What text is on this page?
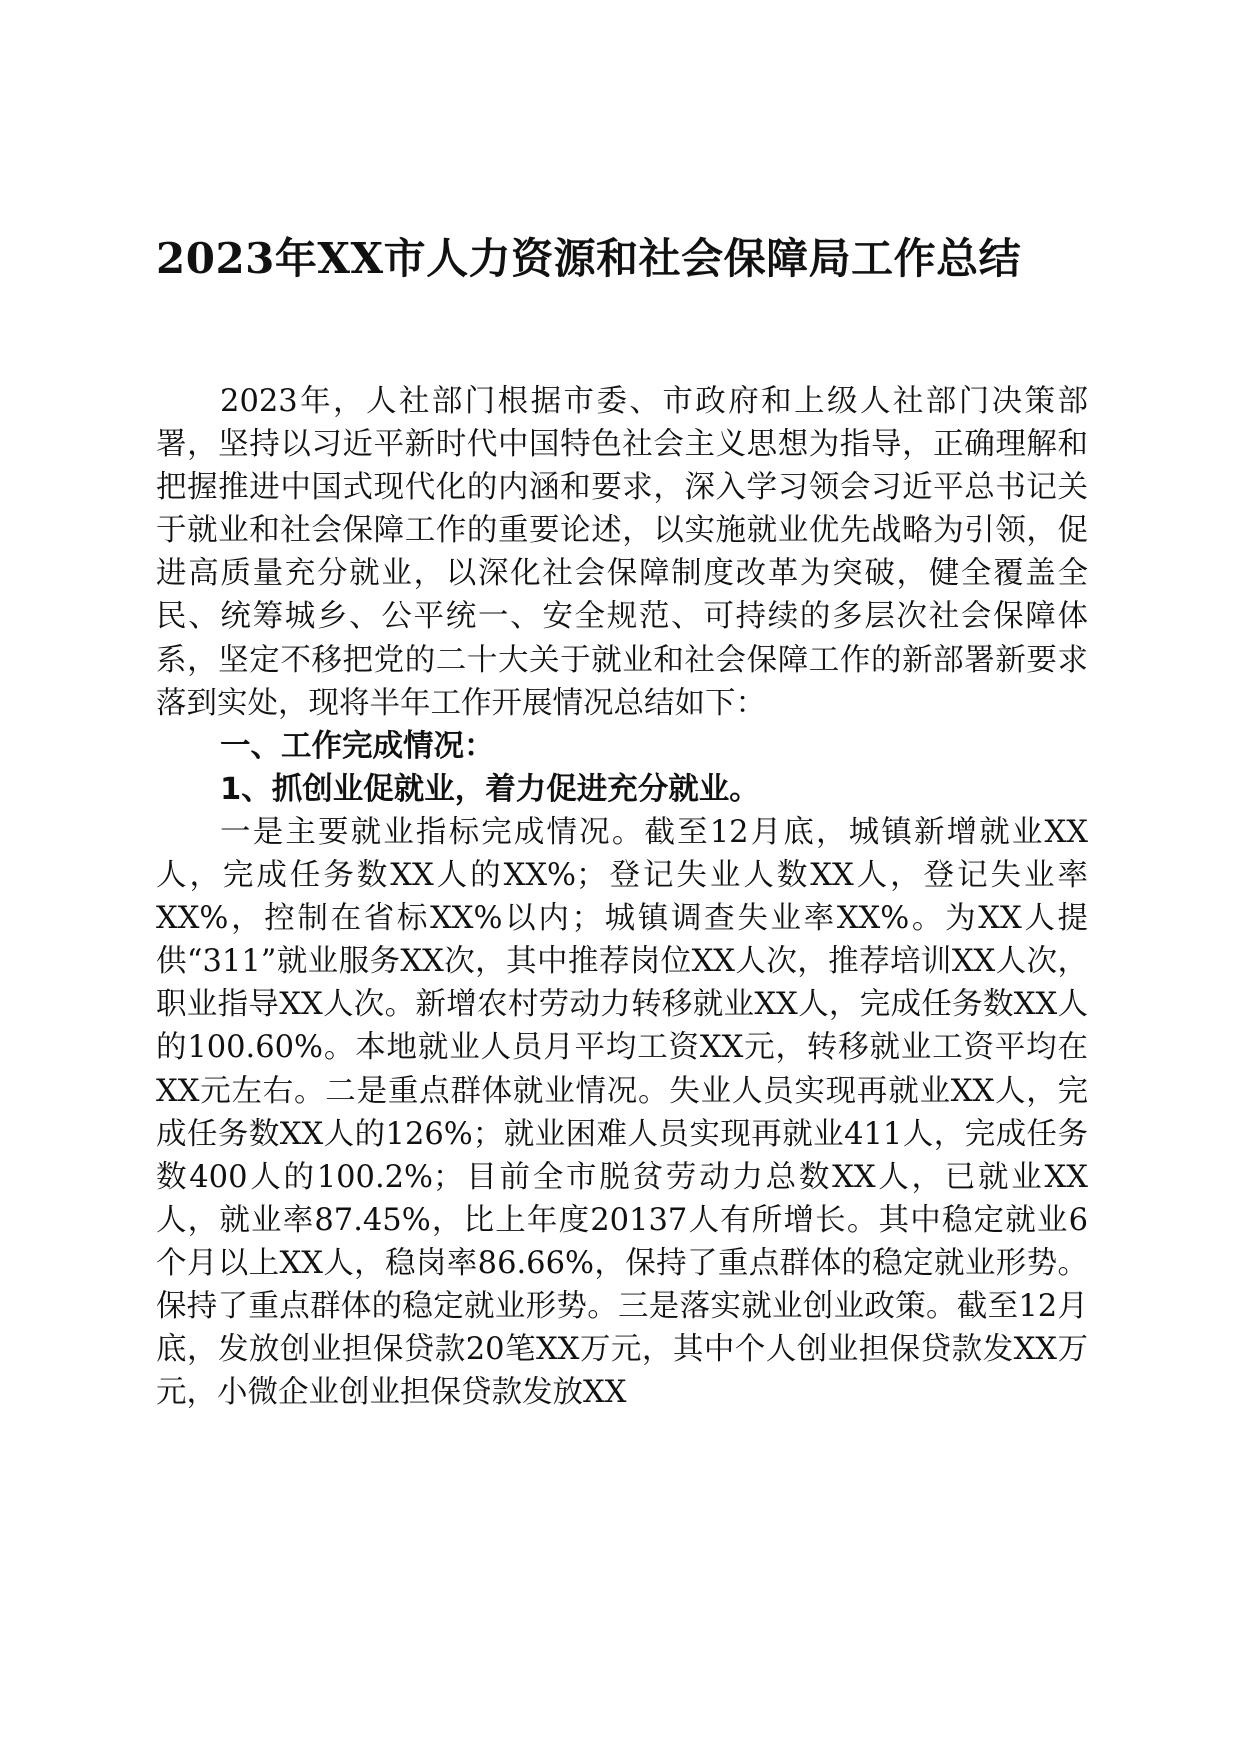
2023年XX市人力资源和社会保障局工作总结

2023年，人社部门根据市委、市政府和上级人社部门决策部署，坚持以习近平新时代中国特色社会主义思想为指导，正确理解和把握推进中国式现代化的内涵和要求，深入学习领会习近平总书记关于就业和社会保障工作的重要论述，以实施就业优先战略为引领，促进高质量充分就业，以深化社会保障制度改革为突破，健全覆盖全民、统筹城乡、公平统一、安全规范、可持续的多层次社会保障体系，坚定不移把党的二十大关于就业和社会保障工作的新部署新要求落到实处，现将半年工作开展情况总结如下：

一、工作完成情况：

1、抓创业促就业，着力促进充分就业。

一是主要就业指标完成情况。截至12月底，城镇新增就业XX人，完成任务数XX人的XX%；登记失业人数XX人，登记失业率XX%，控制在省标XX%以内；城镇调查失业率XX%。为XX人提供“311”就业服务XX次，其中推荐岗位XX人次，推荐培训XX人次，职业指导XX人次。新增农村劳动力转移就业XX人，完成任务数XX人的100.60%。本地就业人员月平均工资XX元，转移就业工资平均在XX元左右。二是重点群体就业情况。失业人员实现再就业XX人，完成任务数XX人的126%；就业困难人员实现再就业411人，完成任务数400人的100.2%；目前全市脱贫劳动力总数XX人，已就业XX人，就业率87.45%，比上年度20137人有所增长。其中稳定就业6个月以上XX人，稳岗率86.66%，保持了重点群体的稳定就业形势。保持了重点群体的稳定就业形势。三是落实就业创业政策。截至12月底，发放创业担保贷款20笔XX万元，其中个人创业担保贷款发XX万元，小微企业创业担保贷款发放XX
